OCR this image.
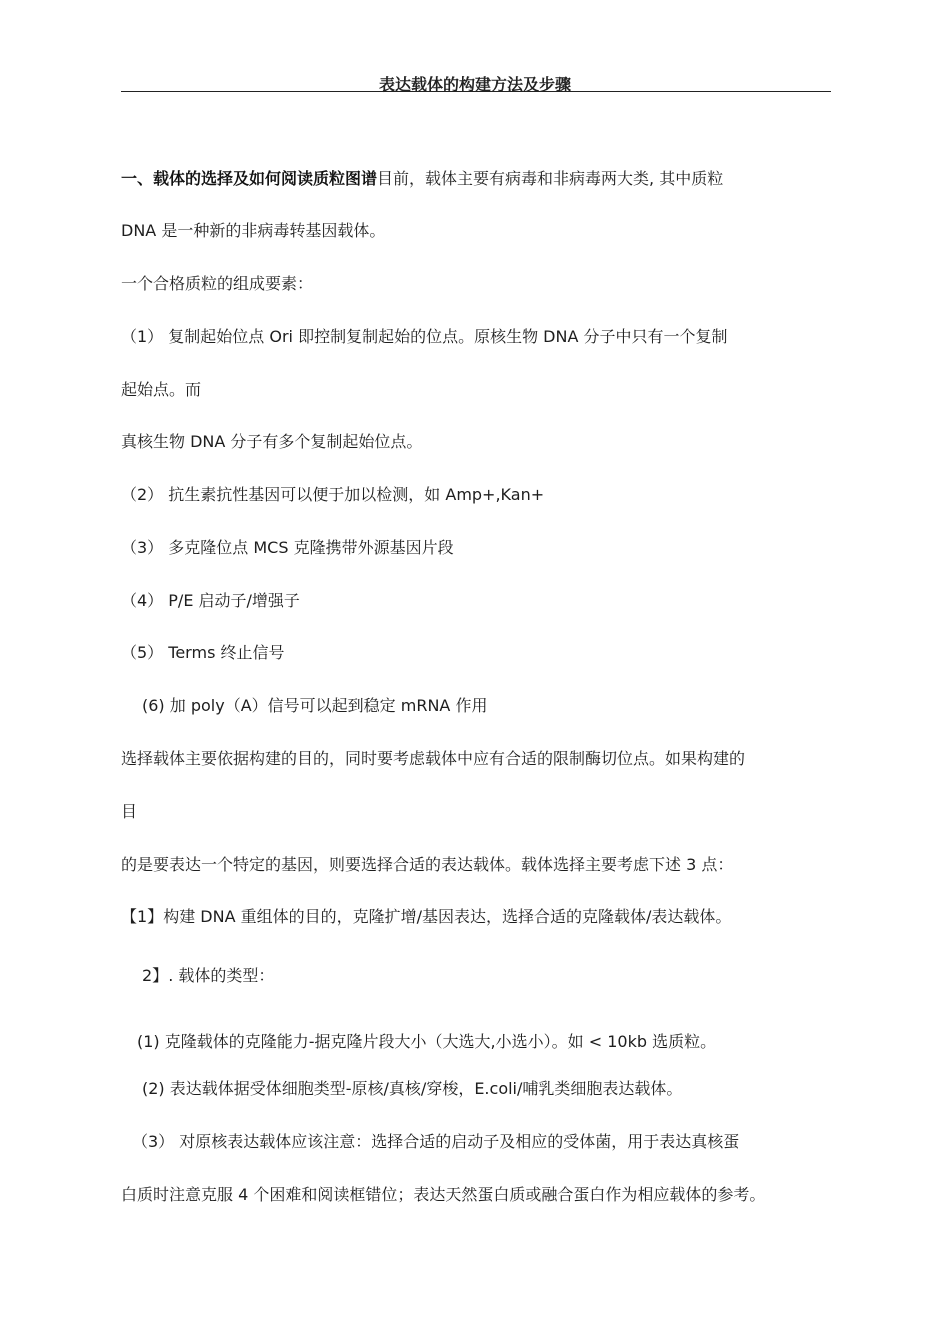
表达载体的构建方法及步骤
一、载体的选择及如何阅读质粒图谱目前，载体主要有病毒和非病毒两大类, 其中质粒
DNA 是一种新的非病毒转基因载体。
一个合格质粒的组成要素：
（1） 复制起始位点 Ori 即控制复制起始的位点。原核生物 DNA 分子中只有一个复制
起始点。而
真核生物 DNA 分子有多个复制起始位点。
（2） 抗生素抗性基因可以便于加以检测，如 Amp+,Kan+
（3） 多克隆位点 MCS 克隆携带外源基因片段
（4） P/E 启动子/增强子
（5） Terms 终止信号
(6) 加 poly（A）信号可以起到稳定 mRNA 作用
选择载体主要依据构建的目的，同时要考虑载体中应有合适的限制酶切位点。如果构建的
目
的是要表达一个特定的基因，则要选择合适的表达载体。载体选择主要考虑下述 3 点：
【1】构建 DNA 重组体的目的，克隆扩增/基因表达，选择合适的克隆载体/表达载体。
2】. 载体的类型：
(1) 克隆载体的克隆能力-据克隆片段大小（大选大,小选小）。如 < 10kb 选质粒。
(2) 表达载体据受体细胞类型-原核/真核/穿梭，E.coli/哺乳类细胞表达载体。
（3） 对原核表达载体应该注意：选择合适的启动子及相应的受体菌，用于表达真核蛋
白质时注意克服 4 个困难和阅读框错位；表达天然蛋白质或融合蛋白作为相应载体的参考。
